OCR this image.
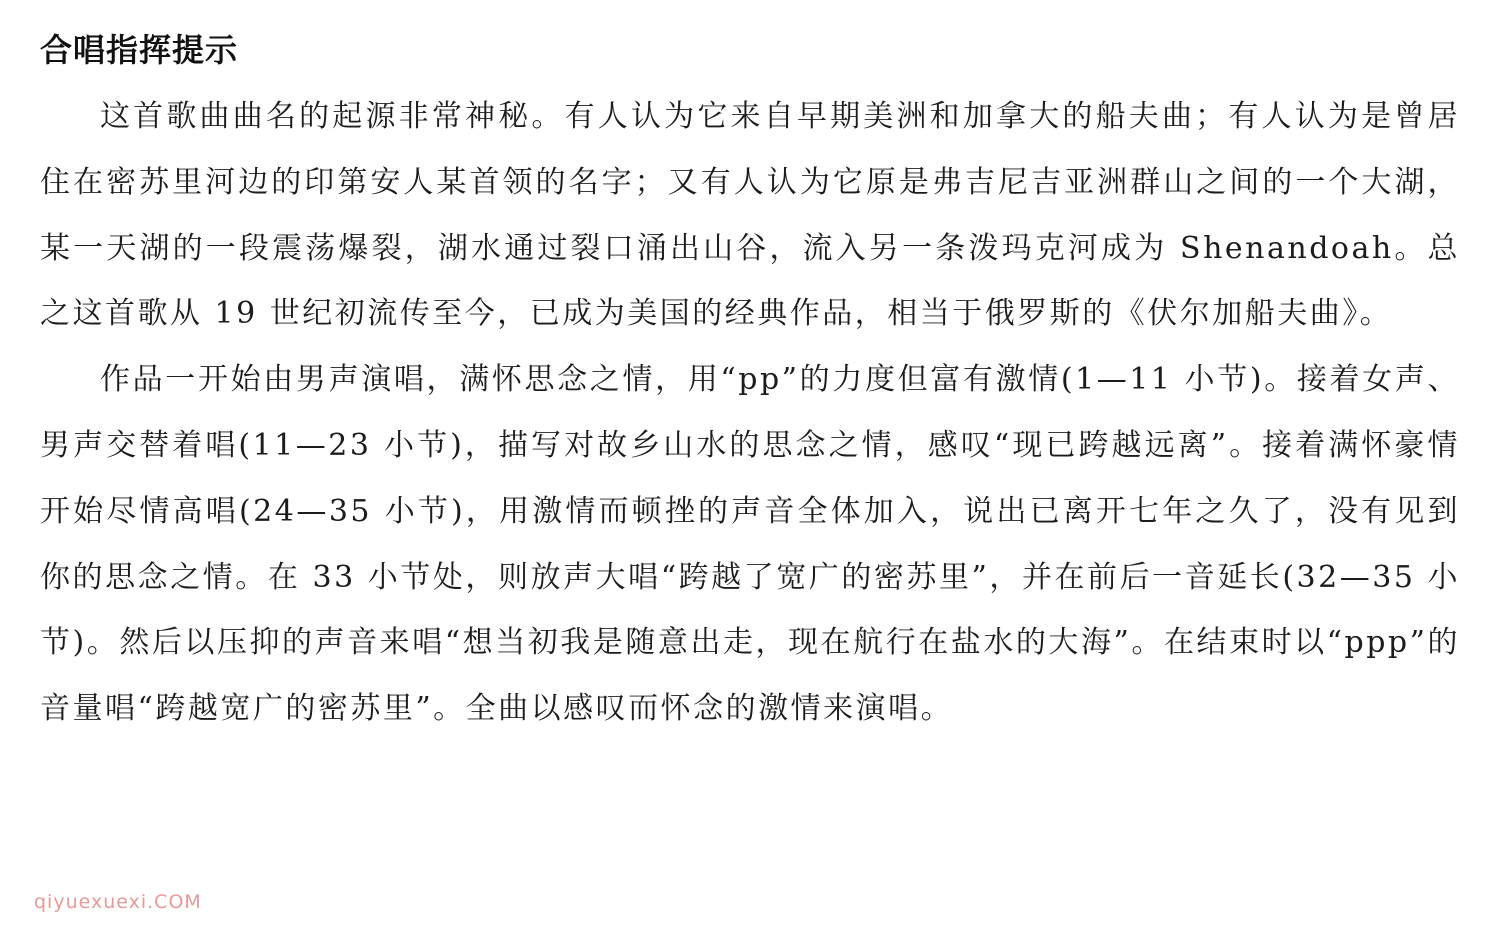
合唱指挥提示

这首歌曲曲名的起源非常神秘。有人认为它来自早期美洲和加拿大的船夫曲；有人认为是曾居住在密苏里河边的印第安人某首领的名字；又有人认为它原是弗吉尼吉亚洲群山之间的一个大湖，某一天湖的一段震荡爆裂，湖水通过裂口涌出山谷，流入另一条泼玛克河成为 Shenandoah。总之这首歌从 19 世纪初流传至今，已成为美国的经典作品，相当于俄罗斯的《伏尔加船夫曲》。

作品一开始由男声演唱，满怀思念之情，用“pp”的力度但富有激情(1—11 小节)。接着女声、男声交替着唱(11—23 小节)，描写对故乡山水的思念之情，感叹“现已跨越远离”。接着满怀豪情开始尽情高唱(24—35 小节)，用激情而顿挫的声音全体加入，说出已离开七年之久了，没有见到你的思念之情。在 33 小节处，则放声大唱“跨越了宽广的密苏里”，并在前后一音延长(32—35 小节)。然后以压抑的声音来唱“想当初我是随意出走，现在航行在盐水的大海”。在结束时以“ppp”的音量唱“跨越宽广的密苏里”。全曲以感叹而怀念的激情来演唱。

qiyuexuexi.COM
